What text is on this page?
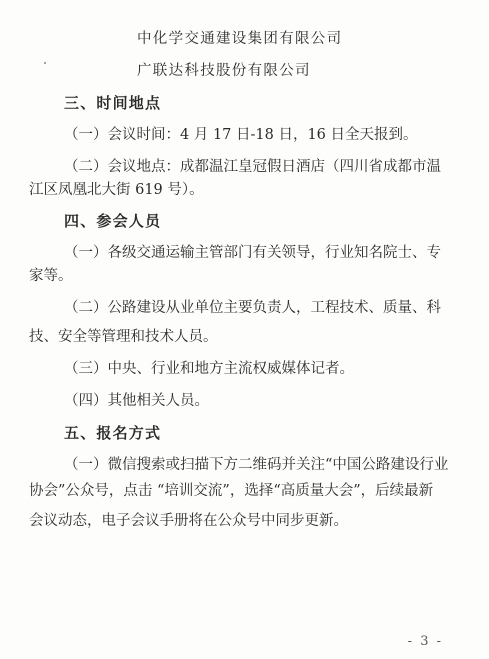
中化学交通建设集团有限公司
广联达科技股份有限公司
三、时间地点
（一）会议时间：4 月 17 日-18 日，16 日全天报到。
（二）会议地点：成都温江皇冠假日酒店（四川省成都市温
江区凤凰北大街 619 号）。
四、参会人员
（一）各级交通运输主管部门有关领导，行业知名院士、专
家等。
（二）公路建设从业单位主要负责人，工程技术、质量、科
技、安全等管理和技术人员。
（三）中央、行业和地方主流权威媒体记者。
（四）其他相关人员。
五、报名方式
（一）微信搜索或扫描下方二维码并关注“中国公路建设行业
协会”公众号，点击 “培训交流”，选择“高质量大会”，后续最新
会议动态，电子会议手册将在公众号中同步更新。
- 3 -
